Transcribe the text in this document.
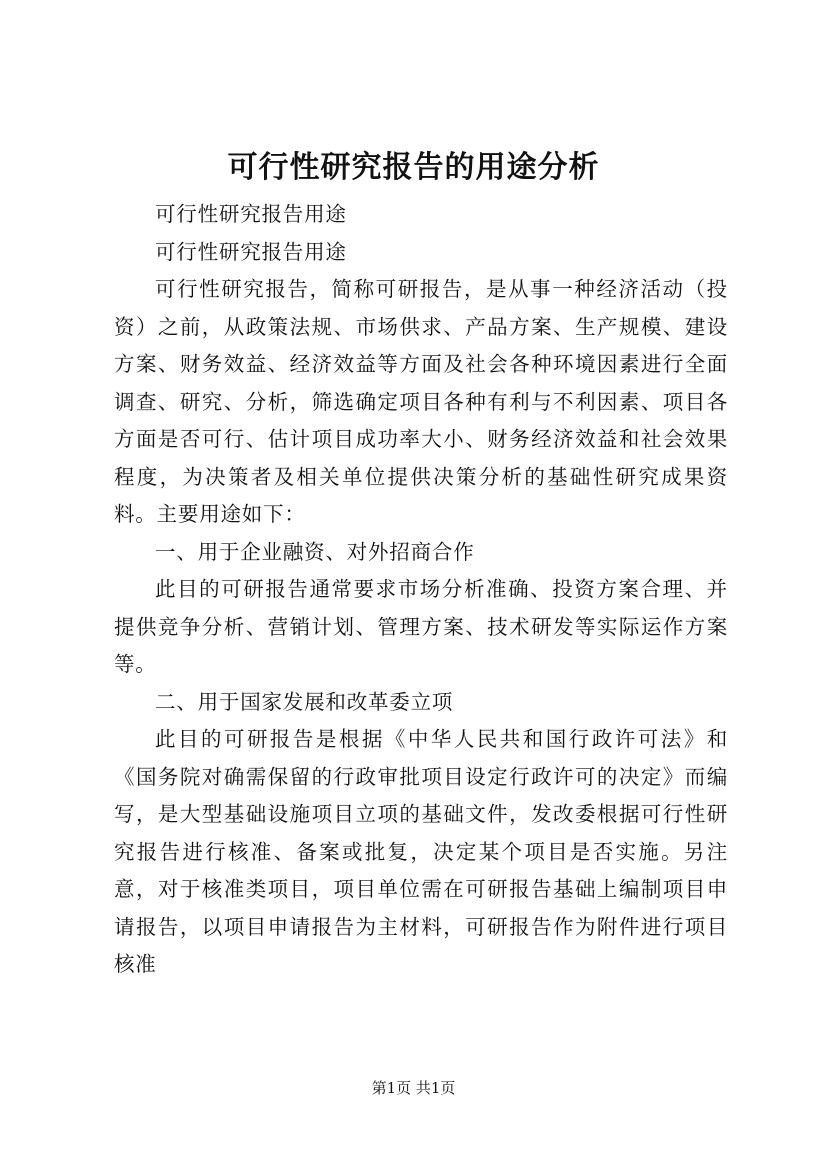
可行性研究报告的用途分析

可行性研究报告用途

可行性研究报告用途

可行性研究报告，简称可研报告，是从事一种经济活动（投资）之前，从政策法规、市场供求、产品方案、生产规模、建设方案、财务效益、经济效益等方面及社会各种环境因素进行全面调查、研究、分析，筛选确定项目各种有利与不利因素、项目各方面是否可行、估计项目成功率大小、财务经济效益和社会效果程度，为决策者及相关单位提供决策分析的基础性研究成果资料。主要用途如下：

一、用于企业融资、对外招商合作

此目的可研报告通常要求市场分析准确、投资方案合理、并提供竞争分析、营销计划、管理方案、技术研发等实际运作方案等。

二、用于国家发展和改革委立项

此目的可研报告是根据《中华人民共和国行政许可法》和《国务院对确需保留的行政审批项目设定行政许可的决定》而编写，是大型基础设施项目立项的基础文件，发改委根据可行性研究报告进行核准、备案或批复，决定某个项目是否实施。另注意，对于核准类项目，项目单位需在可研报告基础上编制项目申请报告，以项目申请报告为主材料，可研报告作为附件进行项目核准

第1页 共1页
